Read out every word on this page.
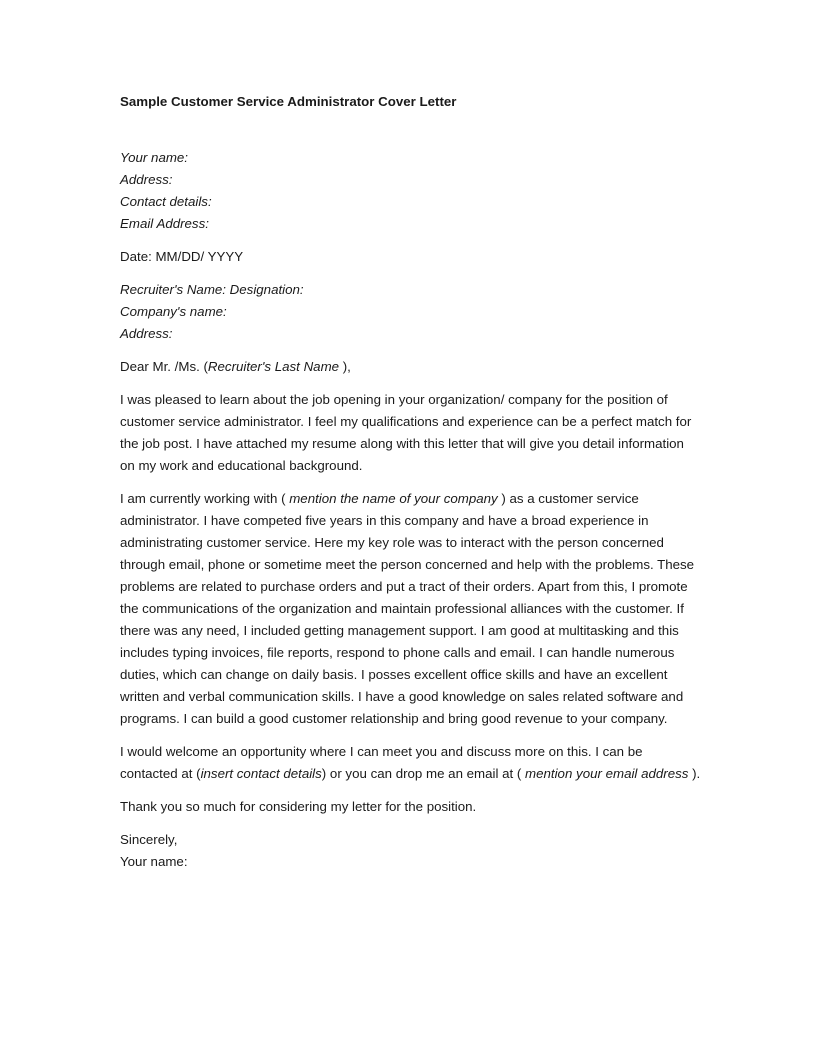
Sample Customer Service Administrator Cover Letter
Your name:
Address:
Contact details:
Email Address:
Date: MM/DD/ YYYY
Recruiter's Name: Designation:
Company's name:
Address:
Dear Mr. /Ms. (Recruiter's Last Name ),
I was pleased to learn about the job opening in your organization/ company for the position of
customer service administrator. I feel my qualifications and experience can be a perfect match for
the job post. I have attached my resume along with this letter that will give you detail information
on my work and educational background.
I am currently working with ( mention the name of your company ) as a customer service
administrator. I have competed five years in this company and have a broad experience in
administrating customer service. Here my key role was to interact with the person concerned
through email, phone or sometime meet the person concerned and help with the problems. These
problems are related to purchase orders and put a tract of their orders. Apart from this, I promote
the communications of the organization and maintain professional alliances with the customer. If
there was any need, I included getting management support. I am good at multitasking and this
includes typing invoices, file reports, respond to phone calls and email. I can handle numerous
duties, which can change on daily basis. I posses excellent office skills and have an excellent
written and verbal communication skills. I have a good knowledge on sales related software and
programs. I can build a good customer relationship and bring good revenue to your company.
I would welcome an opportunity where I can meet you and discuss more on this. I can be
contacted at (insert contact details) or you can drop me an email at ( mention your email address ).
Thank you so much for considering my letter for the position.
Sincerely,
Your name:
